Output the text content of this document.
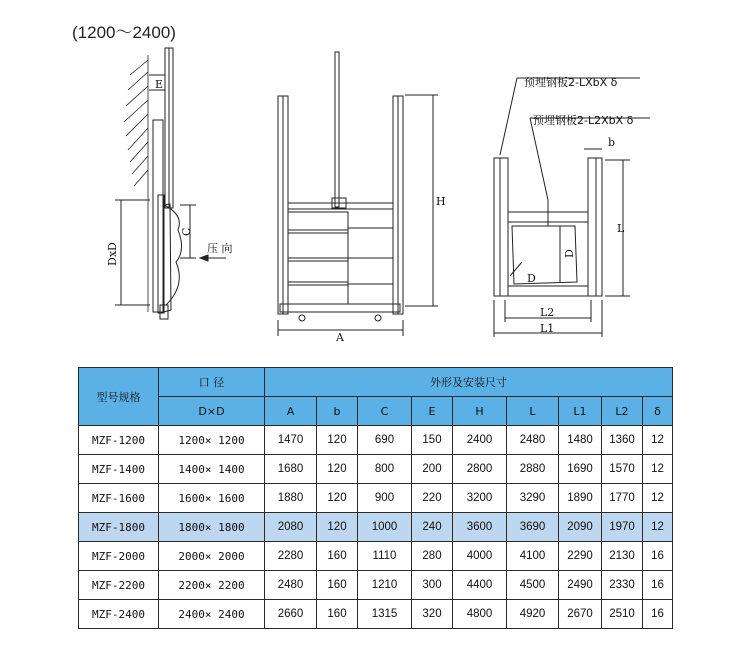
(1200～2400)
E
C
DxD	压 向
H
A
预埋钢板2-LXbX δ
预埋钢板2-L2XbX δ
b
L
D
D
L2
L1
型号规格	口 径	外形及安装尺寸								
	D×D	A	b	C	E	H	L	L1	L2	δ
MZF-1200	1200× 1200	1470	120	690	150	2400	2480	1480	1360	12
MZF-1400	1400× 1400	1680	120	800	200	2800	2880	1690	1570	12
MZF-1600	1600× 1600	1880	120	900	220	3200	3290	1890	1770	12
MZF-1800	1800× 1800	2080	120	1000	240	3600	3690	2090	1970	12
MZF-2000	2000× 2000	2280	160	1110	280	4000	4100	2290	2130	16
MZF-2200	2200× 2200	2480	160	1210	300	4400	4500	2490	2330	16
MZF-2400	2400× 2400	2660	160	1315	320	4800	4920	2670	2510	16
